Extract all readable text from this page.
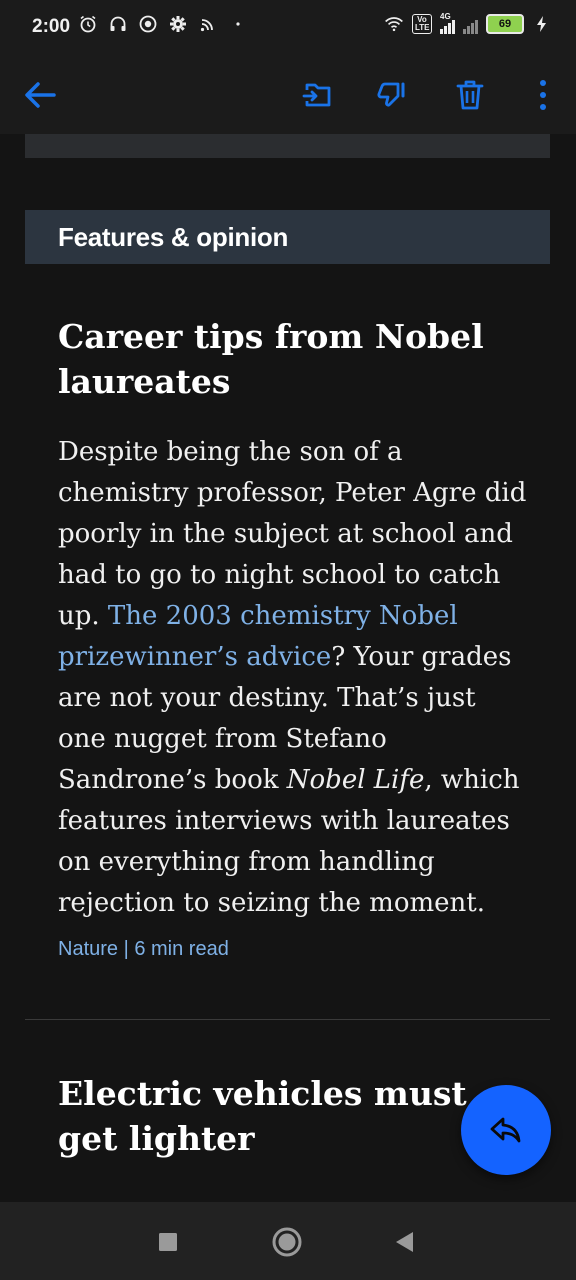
2:00	Vo LTE
4G
69
Features & opinion
Career tips from Nobel laureates

Despite being the son of a chemistry professor, Peter Agre did poorly in the subject at school and had to go to night school to catch up. The 2003 chemistry Nobel prizewinner’s advice? Your grades are not your destiny. That’s just one nugget from Stefano Sandrone’s book Nobel Life, which features interviews with laureates on everything from handling rejection to seizing the moment.

Nature | 6 min read
Electric vehicles must get lighter
